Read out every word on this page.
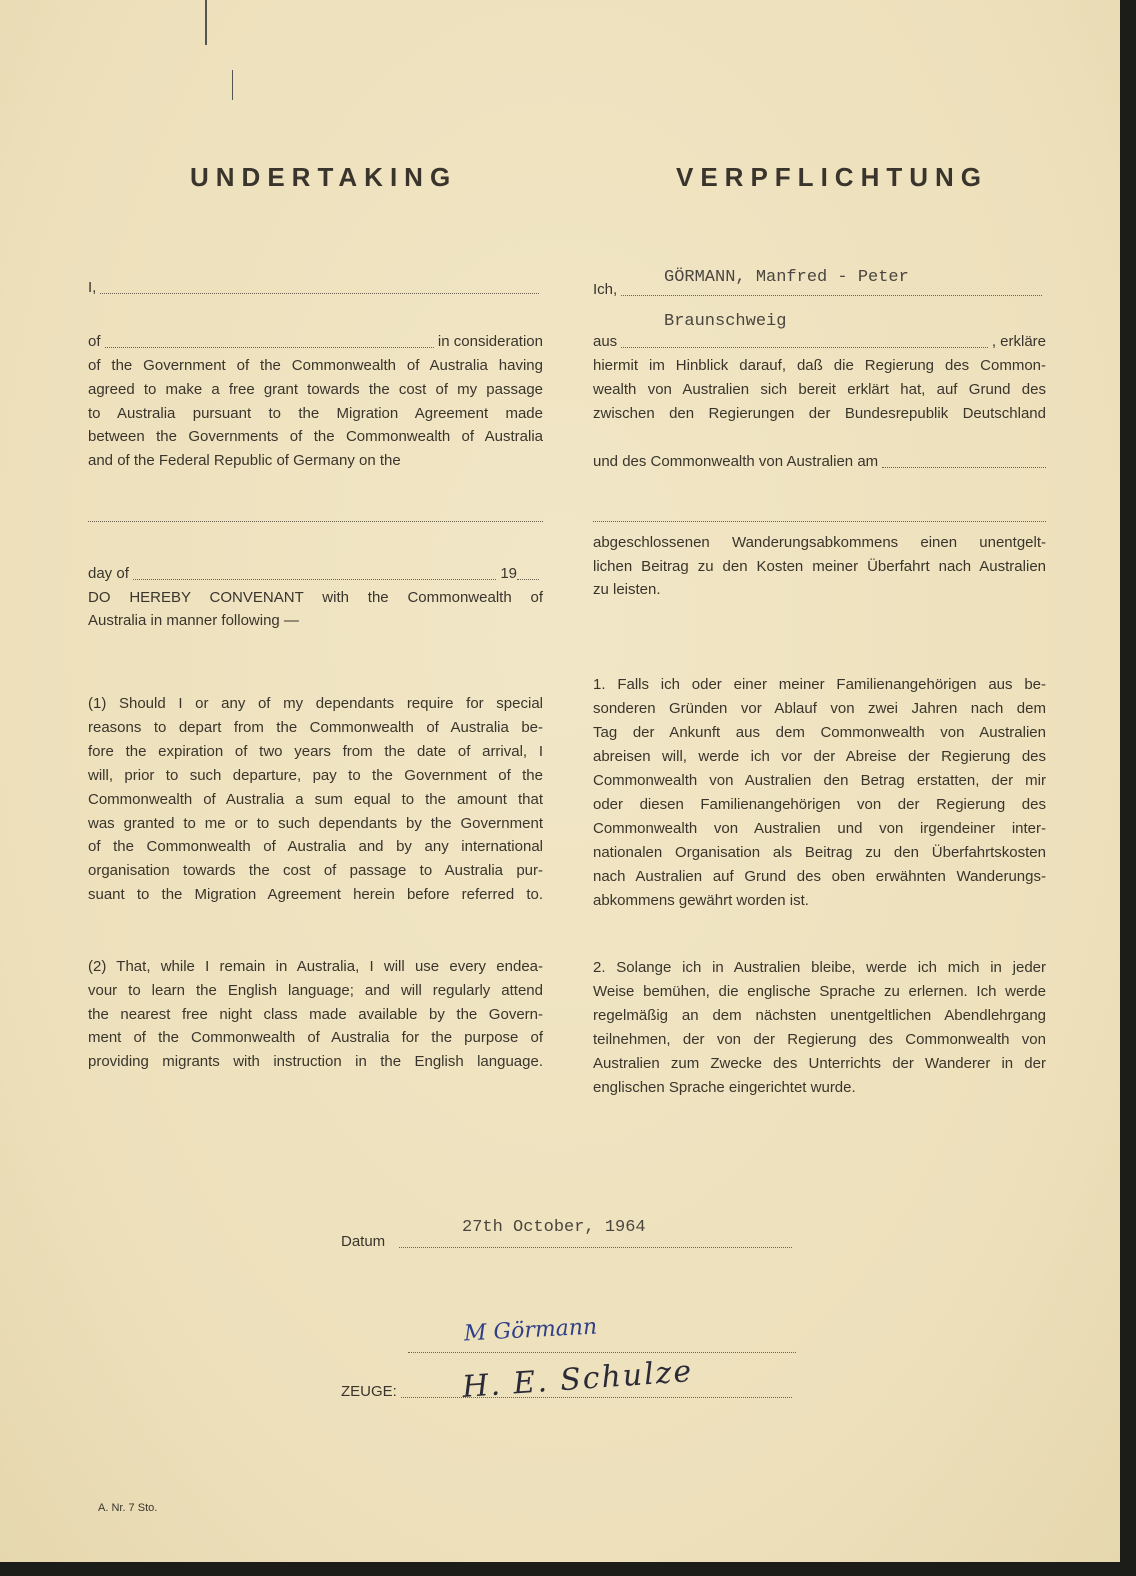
UNDERTAKING	VERPFLICHTUNG
I,
of	in consideration
day of	19
GÖRMANN, Manfred - Peter
Ich,
Braunschweig
aus	, erkläre
und des Commonwealth von Australien am
of the Government of the Commonwealth of Australia having
agreed to make a free grant towards the cost of my passage
to Australia pursuant to the Migration Agreement made
between the Governments of the Commonwealth of Australia
and of the Federal Republic of Germany on the
DO HEREBY CONVENANT with the Commonwealth of
Australia in manner following —
(1) Should I or any of my dependants require for special
reasons to depart from the Commonwealth of Australia be-
fore the expiration of two years from the date of arrival, I
will, prior to such departure, pay to the Government of the
Commonwealth of Australia a sum equal to the amount that
was granted to me or to such dependants by the Government
of the Commonwealth of Australia and by any international
organisation towards the cost of passage to Australia pur-
suant to the Migration Agreement herein before referred to.
(2) That, while I remain in Australia, I will use every endea-
vour to learn the English language; and will regularly attend
the nearest free night class made available by the Govern-
ment of the Commonwealth of Australia for the purpose of
providing migrants with instruction in the English language.
hiermit im Hinblick darauf, daß die Regierung des Common-
wealth von Australien sich bereit erklärt hat, auf Grund des
zwischen den Regierungen der Bundesrepublik Deutschland
abgeschlossenen Wanderungsabkommens einen unentgelt-
lichen Beitrag zu den Kosten meiner Überfahrt nach Australien
zu leisten.
1. Falls ich oder einer meiner Familienangehörigen aus be-
sonderen Gründen vor Ablauf von zwei Jahren nach dem
Tag der Ankunft aus dem Commonwealth von Australien
abreisen will, werde ich vor der Abreise der Regierung des
Commonwealth von Australien den Betrag erstatten, der mir
oder diesen Familienangehörigen von der Regierung des
Commonwealth von Australien und von irgendeiner inter-
nationalen Organisation als Beitrag zu den Überfahrtskosten
nach Australien auf Grund des oben erwähnten Wanderungs-
abkommens gewährt worden ist.
2. Solange ich in Australien bleibe, werde ich mich in jeder
Weise bemühen, die englische Sprache zu erlernen. Ich werde
regelmäßig an dem nächsten unentgeltlichen Abendlehrgang
teilnehmen, der von der Regierung des Commonwealth von
Australien zum Zwecke des Unterrichts der Wanderer in der
englischen Sprache eingerichtet wurde.
27th October, 1964
Datum
ZEUGE:
M Görmann
H. E. Schulze
A. Nr. 7 Sto.
